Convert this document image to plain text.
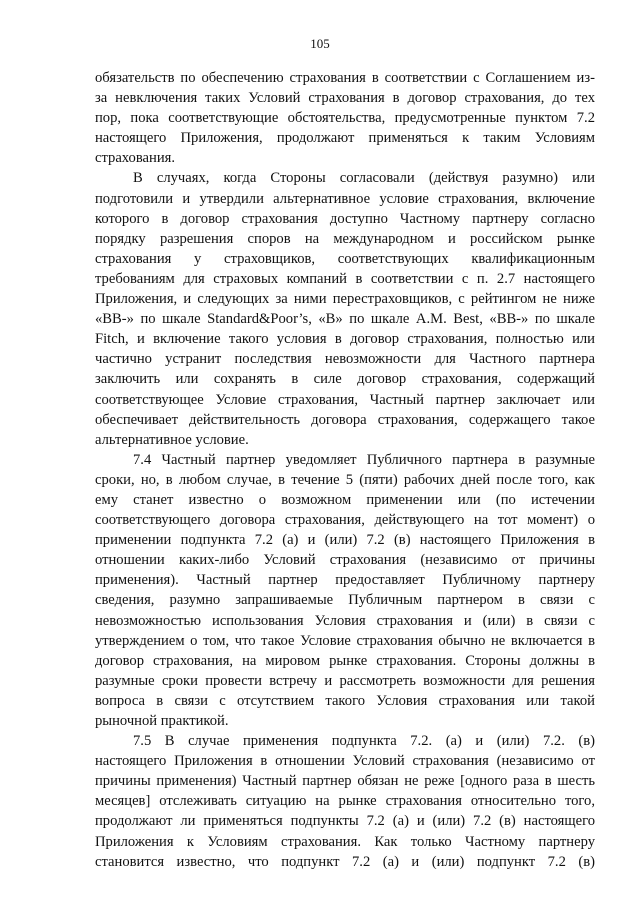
105
обязательств по обеспечению страхования в соответствии с Соглашением из-
за невключения таких Условий страхования в договор страхования, до тех
пор, пока соответствующие обстоятельства, предусмотренные пунктом 7.2
настоящего Приложения, продолжают применяться к таким Условиям
страхования.
В случаях, когда Стороны согласовали (действуя разумно) или
подготовили и утвердили альтернативное условие страхования, включение
которого в договор страхования доступно Частному партнеру согласно
порядку разрешения споров на международном и российском рынке
страхования у страховщиков, соответствующих квалификационным
требованиям для страховых компаний в соответствии с п. 2.7 настоящего
Приложения, и следующих за ними перестраховщиков, с рейтингом не ниже
«ВВ-» по шкале Standard&Poor’s, «В» по шкале A.M. Best, «ВВ-» по шкале
Fitch, и включение такого условия в договор страхования, полностью или
частично устранит последствия невозможности для Частного партнера
заключить или сохранять в силе договор страхования, содержащий
соответствующее Условие страхования, Частный партнер заключает или
обеспечивает действительность договора страхования, содержащего такое
альтернативное условие.
7.4 Частный партнер уведомляет Публичного партнера в разумные
сроки, но, в любом случае, в течение 5 (пяти) рабочих дней после того, как
ему станет известно о возможном применении или (по истечении
соответствующего договора страхования, действующего на тот момент) о
применении подпункта 7.2 (а) и (или) 7.2 (в) настоящего Приложения в
отношении каких-либо Условий страхования (независимо от причины
применения). Частный партнер предоставляет Публичному партнеру
сведения, разумно запрашиваемые Публичным партнером в связи с
невозможностью использования Условия страхования и (или) в связи с
утверждением о том, что такое Условие страхования обычно не включается в
договор страхования, на мировом рынке страхования. Стороны должны в
разумные сроки провести встречу и рассмотреть возможности для решения
вопроса в связи с отсутствием такого Условия страхования или такой
рыночной практикой.
7.5 В случае применения подпункта 7.2. (а) и (или) 7.2. (в)
настоящего Приложения в отношении Условий страхования (независимо от
причины применения) Частный партнер обязан не реже [одного раза в шесть
месяцев] отслеживать ситуацию на рынке страхования относительно того,
продолжают ли применяться подпункты 7.2 (а) и (или) 7.2 (в) настоящего
Приложения к Условиям страхования. Как только Частному партнеру
становится известно, что подпункт 7.2 (а) и (или) подпункт 7.2 (в)
